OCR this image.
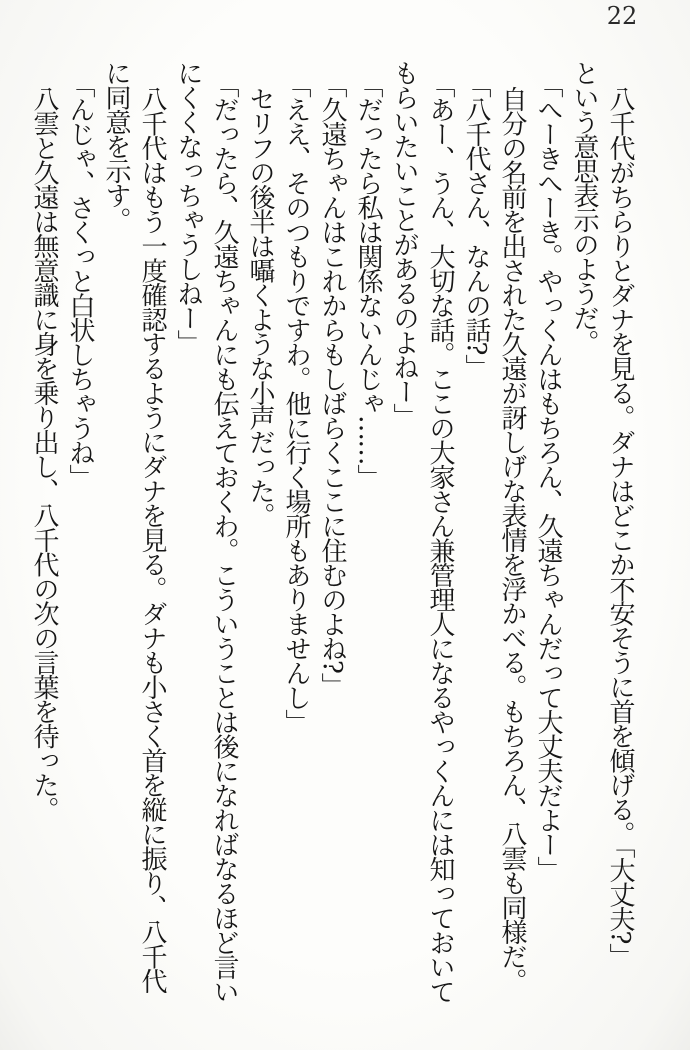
22

八千代がちらりとダナを見る。ダナはどこか不安そうに首を傾げる。「大丈夫?」

という意思表示のようだ。

「へーきへーき。やっくんはもちろん、久遠ちゃんだって大丈夫だよー」

自分の名前を出された久遠が訝しげな表情を浮かべる。もちろん、八雲も同様だ。

「八千代さん、なんの話?」

「あー、うん、大切な話。ここの大家さん兼管理人になるやっくんには知っておいて

もらいたいことがあるのよねー」

「だったら私は関係ないんじゃ……」

「久遠ちゃんはこれからもしばらくここに住むのよね?」

「ええ、そのつもりですわ。他に行く場所もありませんし」

セリフの後半は囁くような小声だった。

「だったら、久遠ちゃんにも伝えておくわ。こういうことは後になればなるほど言い

にくくなっちゃうしねー」

八千代はもう一度確認するようにダナを見る。ダナも小さく首を縦に振り、八千代

に同意を示す。

「んじゃ、さくっと白状しちゃうね」

八雲と久遠は無意識に身を乗り出し、八千代の次の言葉を待った。
